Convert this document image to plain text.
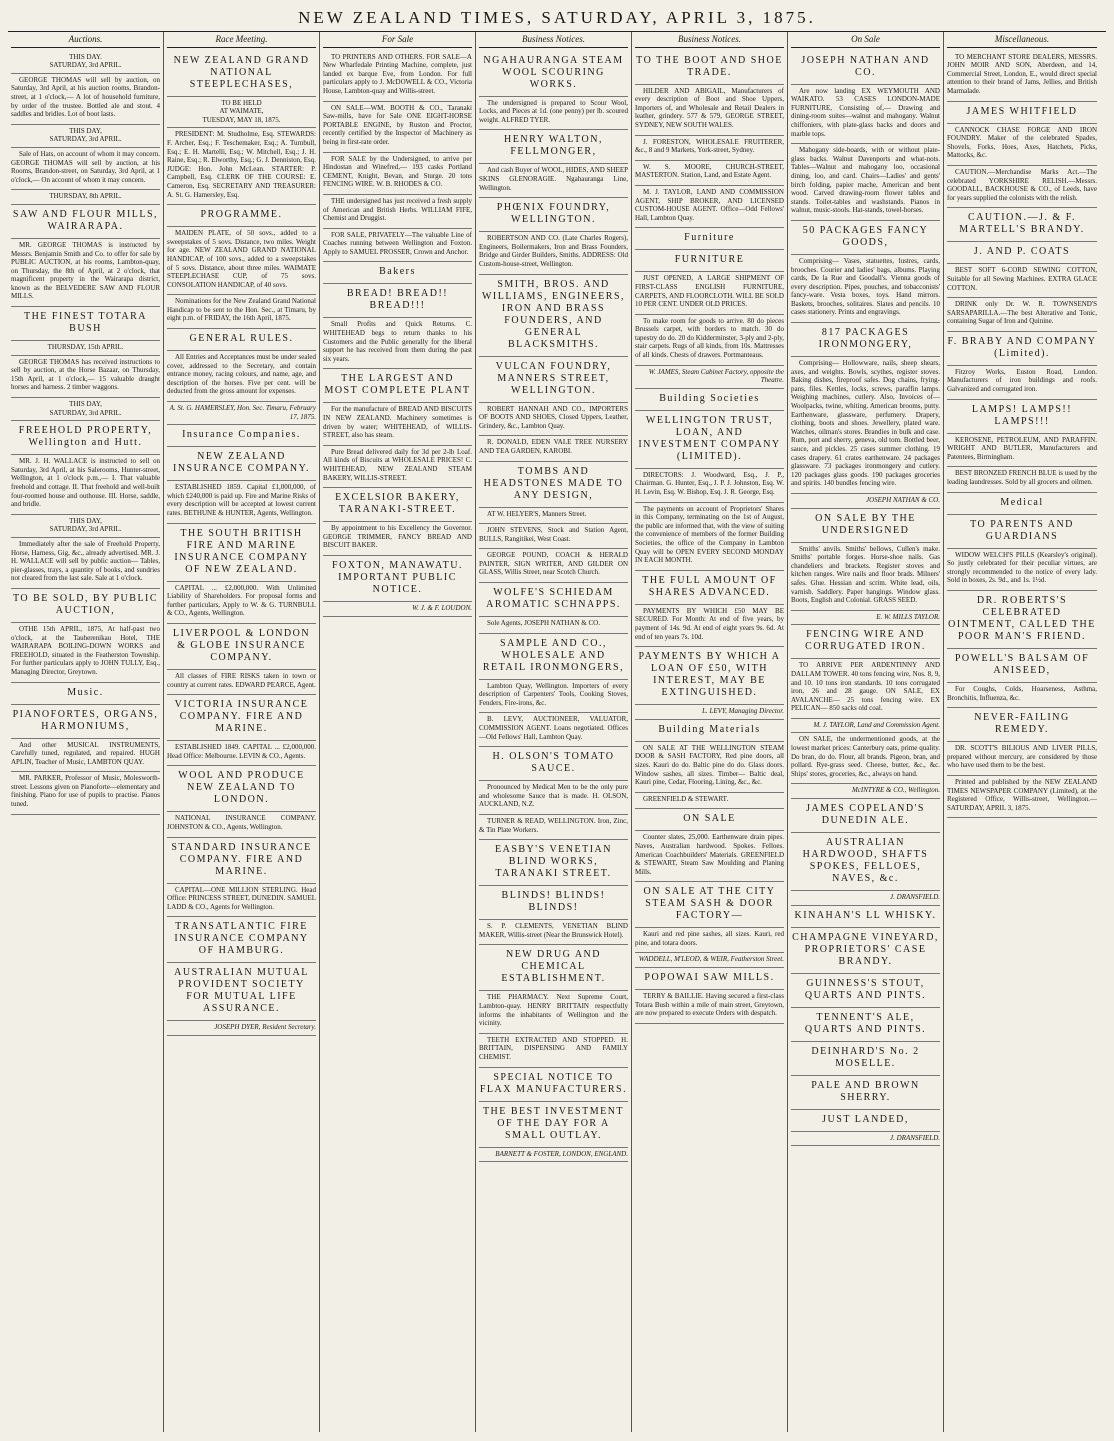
NEW ZEALAND TIMES, SATURDAY, APRIL 3, 1875.
Auctions.
THIS DAY.
SATURDAY, 3rd APRIL.

GEORGE THOMAS will sell by auction, on Saturday, 3rd April, at his auction rooms, Brandon-street, at 1 o'clock,— A lot of household furniture, by order of the trustee. Bottled ale and stout. 4 saddles and bridles. Lot of boot lasts.

THIS DAY,
SATURDAY, 3rd APRIL.

Sale of Hats, on account of whom it may concern. GEORGE THOMAS will sell by auction, at his Rooms, Brandon-street, on Saturday, 3rd April, at 1 o'clock,— On account of whom it may concern.

THURSDAY, 8th APRIL.
SAW AND FLOUR MILLS, WAIRARAPA.

MR. GEORGE THOMAS is instructed by Messrs. Benjamin Smith and Co. to offer for sale by PUBLIC AUCTION, at his rooms, Lambton-quay, on Thursday, the 8th of April, at 2 o'clock, that magnificent property in the Wairarapa district, known as the BELVEDERE SAW AND FLOUR MILLS.

THE FINEST TOTARA BUSH
THURSDAY, 15th APRIL.

GEORGE THOMAS has received instructions to sell by auction, at the Horse Bazaar, on Thursday, 15th April, at 1 o'clock,— 15 valuable draught horses and harness. 2 timber waggons.

THIS DAY,
SATURDAY, 3rd APRIL.
FREEHOLD PROPERTY, Wellington and Hutt.

MR. J. H. WALLACE is instructed to sell on Saturday, 3rd April, at his Salerooms, Hunter-street, Wellington, at 1 o'clock p.m.,— I. That valuable freehold and cottage. II. That freehold and well-built four-roomed house and outhouse. III. Horse, saddle, and bridle.

THIS DAY,
SATURDAY, 3rd APRIL.

Immediately after the sale of Freehold Property, Horse, Harness, Gig, &c., already advertised. MR. J. H. WALLACE will sell by public auction— Tables, pier-glasses, trays, a quantity of books, and sundries not cleared from the last sale. Sale at 1 o'clock.

TO BE SOLD, BY PUBLIC AUCTION,

OTHE 15th APRIL, 1875, At half-past two o'clock, at the Tauherenikau Hotel, THE WAIRARAPA BOILING-DOWN WORKS and FREEHOLD, situated in the Featherston Township. For further particulars apply to JOHN TULLY, Esq., Managing Director, Greytown.

Music.
PIANOFORTES, ORGANS, HARMONIUMS,

And other MUSICAL INSTRUMENTS, Carefully tuned, regulated, and repaired. HUGH APLIN, Teacher of Music, LAMBTON QUAY.

MR. PARKER, Professor of Music, Molesworth-street. Lessons given on Pianoforte—elementary and finishing. Piano for use of pupils to practise. Pianos tuned.

Race Meeting.
NEW ZEALAND GRAND NATIONAL STEEPLECHASES,
TO BE HELD
AT WAIMATE,
TUESDAY, MAY 18, 1875.

PRESIDENT: M. Studholme, Esq. STEWARDS: F. Archer, Esq.; F. Teschemaker, Esq.; A. Turnbull, Esq.; E. H. Martelli, Esq.; W. Mitchell, Esq.; J. H. Raine, Esq.; R. Elworthy, Esq.; G. J. Denniston, Esq. JUDGE: Hon. John McLean. STARTER: P. Campbell, Esq. CLERK OF THE COURSE: E. Cameron, Esq. SECRETARY AND TREASURER: A. St. G. Hamersley, Esq.

PROGRAMME.

MAIDEN PLATE, of 50 sovs., added to a sweepstakes of 5 sovs. Distance, two miles. Weight for age. NEW ZEALAND GRAND NATIONAL HANDICAP, of 100 sovs., added to a sweepstakes of 5 sovs. Distance, about three miles. WAIMATE STEEPLECHASE CUP, of 75 sovs. CONSOLATION HANDICAP, of 40 sovs.

Nominations for the New Zealand Grand National Handicap to be sent to the Hon. Sec., at Timaru, by eight p.m. of FRIDAY, the 16th April, 1875.

GENERAL RULES.

All Entries and Acceptances must be under sealed cover, addressed to the Secretary, and contain entrance money, racing colours, and name, age, and description of the horses. Five per cent. will be deducted from the gross amount for expenses.

A. St. G. HAMERSLEY, Hon. Sec. Timaru, February 17, 1875.
Insurance Companies.
NEW ZEALAND INSURANCE COMPANY.

ESTABLISHED 1859. Capital £1,000,000, of which £240,000 is paid up. Fire and Marine Risks of every description will be accepted at lowest current rates. BETHUNE & HUNTER, Agents, Wellington.

THE SOUTH BRITISH FIRE AND MARINE INSURANCE COMPANY OF NEW ZEALAND.

CAPITAL ... £2,000,000. With Unlimited Liability of Shareholders. For proposal forms and further particulars, Apply to W. & G. TURNBULL & CO., Agents, Wellington.

LIVERPOOL & LONDON & GLOBE INSURANCE COMPANY.

All classes of FIRE RISKS taken in town or country at current rates. EDWARD PEARCE, Agent.

VICTORIA INSURANCE COMPANY. FIRE AND MARINE.

ESTABLISHED 1849. CAPITAL ... £2,000,000. Head Office: Melbourne. LEVIN & CO., Agents.

WOOL AND PRODUCE NEW ZEALAND TO LONDON.

NATIONAL INSURANCE COMPANY. JOHNSTON & CO., Agents, Wellington.

STANDARD INSURANCE COMPANY. FIRE AND MARINE.

CAPITAL—ONE MILLION STERLING. Head Office: PRINCESS STREET, DUNEDIN. SAMUEL LADD & CO., Agents for Wellington.

TRANSATLANTIC FIRE INSURANCE COMPANY OF HAMBURG.
AUSTRALIAN MUTUAL PROVIDENT SOCIETY FOR MUTUAL LIFE ASSURANCE.
JOSEPH DYER, Resident Secretary.
For Sale

TO PRINTERS AND OTHERS. FOR SALE—A New Wharfedale Printing Machine, complete, just landed ex barque Eve, from London. For full particulars apply to J. McDOWELL & CO., Victoria House, Lambton-quay and Willis-street.

ON SALE—WM. BOOTH & CO., Taranaki Saw-mills, have for Sale ONE EIGHT-HORSE PORTABLE ENGINE, by Ruston and Proctor, recently certified by the Inspector of Machinery as being in first-rate order.

FOR SALE by the Undersigned, to arrive per Hindostan and Winefred,— 193 casks Portland CEMENT, Knight, Bevan, and Sturge. 20 tons FENCING WIRE. W. B. RHODES & CO.

THE undersigned has just received a fresh supply of American and British Herbs. WILLIAM FIFE, Chemist and Druggist.

FOR SALE, PRIVATELY—The valuable Line of Coaches running between Wellington and Foxton. Apply to SAMUEL PROSSER, Crown and Anchor.

Bakers
BREAD! BREAD!! BREAD!!!

Small Profits and Quick Returns. C. WHITEHEAD begs to return thanks to his Customers and the Public generally for the liberal support he has received from them during the past six years.

THE LARGEST AND MOST COMPLETE PLANT

For the manufacture of BREAD AND BISCUITS IN NEW ZEALAND. Machinery sometimes is driven by water; WHITEHEAD, of WILLIS-STREET, also has steam.

Pure Bread delivered daily for 3d per 2-lb Loaf. All kinds of Biscuits at WHOLESALE PRICES! C. WHITEHEAD, NEW ZEALAND STEAM BAKERY, WILLIS-STREET.

EXCELSIOR BAKERY, TARANAKI-STREET.

By appointment to his Excellency the Governor. GEORGE TRIMMER, FANCY BREAD AND BISCUIT BAKER.

FOXTON, MANAWATU. IMPORTANT PUBLIC NOTICE.
W. J. & F. LOUDON.
Business Notices.
NGAHAURANGA STEAM WOOL SCOURING WORKS.

The undersigned is prepared to Scour Wool, Locks, and Pieces at 1d. (one penny) per lb. scoured weight. ALFRED TYER.

HENRY WALTON, FELLMONGER,

And cash Buyer of WOOL, HIDES, AND SHEEP SKINS GLENORAGIE. Ngahauranga Line, Wellington.

PHŒNIX FOUNDRY, WELLINGTON.

ROBERTSON AND CO. (Late Charles Rogers), Engineers, Boilermakers, Iron and Brass Founders, Bridge and Girder Builders, Smiths. ADDRESS: Old Custom-house-street, Wellington.

SMITH, BROS. AND WILLIAMS, ENGINEERS, IRON AND BRASS FOUNDERS, AND GENERAL BLACKSMITHS.
VULCAN FOUNDRY, MANNERS STREET, WELLINGTON.

ROBERT HANNAH AND CO., IMPORTERS OF BOOTS AND SHOES, Closed Uppers, Leather, Grindery, &c., Lambton Quay.

R. DONALD, EDEN VALE TREE NURSERY AND TEA GARDEN, KAROBI.

TOMBS AND HEADSTONES MADE TO ANY DESIGN,

AT W. HELYER'S, Manners Street.

JOHN STEVENS, Stock and Station Agent, BULLS, Rangitikei, West Coast.

GEORGE POUND, COACH & HERALD PAINTER, SIGN WRITER, AND GILDER ON GLASS, Willis Street, near Scotch Church.

WOLFE'S SCHIEDAM AROMATIC SCHNAPPS.

Sole Agents, JOSEPH NATHAN & CO.

SAMPLE AND CO., WHOLESALE AND RETAIL IRONMONGERS,

Lambton Quay, Wellington. Importers of every description of Carpenters' Tools, Cooking Stoves, Fenders, Fire-irons, &c.

B. LEVY, AUCTIONEER, VALUATOR, COMMISSION AGENT. Loans negotiated. Offices—Old Fellows' Hall, Lambton Quay.

H. OLSON'S TOMATO SAUCE.

Pronounced by Medical Men to be the only pure and wholesome Sauce that is made. H. OLSON, AUCKLAND, N.Z.

TURNER & READ, WELLINGTON. Iron, Zinc, & Tin Plate Workers.

EASBY'S VENETIAN BLIND WORKS, TARANAKI STREET.
BLINDS! BLINDS! BLINDS!

S. P. CLEMENTS, VENETIAN BLIND MAKER, Willis-street (Near the Brunswick Hotel).

NEW DRUG AND CHEMICAL ESTABLISHMENT.

THE PHARMACY. Next Supreme Court, Lambton-quay. HENRY BRITTAIN respectfully informs the inhabitants of Wellington and the vicinity.

TEETH EXTRACTED AND STOPPED. H. BRITTAIN, DISPENSING AND FAMILY CHEMIST.

SPECIAL NOTICE TO FLAX MANUFACTURERS.
THE BEST INVESTMENT OF THE DAY FOR A SMALL OUTLAY.
BARNETT & FOSTER, LONDON, ENGLAND.
Business Notices.
TO THE BOOT AND SHOE TRADE.

HILDER AND ABIGAIL, Manufacturers of every description of Boot and Shoe Uppers, Importers of, and Wholesale and Retail Dealers in leather, grindery. 577 & 579, GEORGE STREET, SYDNEY, NEW SOUTH WALES.

J. FORESTON, WHOLESALE FRUITERER, &c., 8 and 9 Markets, York-street, Sydney.

W. S. MOORE, CHURCH-STREET, MASTERTON. Station, Land, and Estate Agent.

M. J. TAYLOR, LAND AND COMMISSION AGENT, SHIP BROKER, AND LICENSED CUSTOM-HOUSE AGENT. Office—Odd Fellows' Hall, Lambton Quay.

Furniture
FURNITURE

JUST OPENED, A LARGE SHIPMENT OF FIRST-CLASS ENGLISH FURNITURE, CARPETS, AND FLOORCLOTH. WILL BE SOLD 10 PER CENT. UNDER OLD PRICES.

To make room for goods to arrive. 80 do pieces Brussels carpet, with borders to match. 30 do tapestry do do. 20 do Kidderminster, 3-ply and 2-ply, stair carpets. Rugs of all kinds, from 10s. Mattresses of all kinds. Chests of drawers. Portmanteaus.

W. JAMES, Steam Cabinet Factory, opposite the Theatre.
Building Societies
WELLINGTON TRUST, LOAN, AND INVESTMENT COMPANY (LIMITED).

DIRECTORS: J. Woodward, Esq., J. P., Chairman. G. Hunter, Esq., J. P. J. Johnston, Esq. W. H. Levin, Esq. W. Bishop, Esq. J. R. George, Esq.

The payments on account of Proprietors' Shares in this Company, terminating on the 1st of August, the public are informed that, with the view of suiting the convenience of members of the former Building Societies, the office of the Company in Lambton Quay will be OPEN EVERY SECOND MONDAY IN EACH MONTH.

THE FULL AMOUNT OF SHARES ADVANCED.

PAYMENTS BY WHICH £50 MAY BE SECURED. For Month: At end of five years, by payment of 14s. 9d. At end of eight years 9s. 6d. At end of ten years 7s. 10d.

PAYMENTS BY WHICH A LOAN OF £50, WITH INTEREST, MAY BE EXTINGUISHED.
L. LEVY, Managing Director.
Building Materials

ON SALE AT THE WELLINGTON STEAM DOOR & SASH FACTORY, Red pine doors, all sizes. Kauri do do. Baltic pine do do. Glass doors. Window sashes, all sizes. Timber— Baltic deal, Kauri pine, Cedar, Flooring, Lining, &c., &c.

GREENFIELD & STEWART.

ON SALE

Counter slates, 25,000. Earthenware drain pipes. Naves, Australian hardwood. Spokes. Felloes. American Coachbuilders' Materials. GREENFIELD & STEWART, Steam Saw Moulding and Planing Mills.

ON SALE AT THE CITY STEAM SASH & DOOR FACTORY—

Kauri and red pine sashes, all sizes. Kauri, red pine, and totara doors.

WADDELL, M'LEOD, & WEIR, Featherston Street.
POPOWAI SAW MILLS.

TERRY & BAILLIE. Having secured a first-class Totara Bush within a mile of main street, Greytown, are now prepared to execute Orders with despatch.

On Sale
JOSEPH NATHAN AND CO.

Are now landing EX WEYMOUTH AND WAIKATO. 53 CASES LONDON-MADE FURNITURE, Consisting of,— Drawing and dining-room suites—walnut and mahogany. Walnut chiffoniers, with plate-glass backs and doors and marble tops.

Mahogany side-boards, with or without plate-glass backs. Walnut Davenports and what-nots. Tables—Walnut and mahogany loo, occasional dining, loo, and card. Chairs—Ladies' and gents' birch folding, papier mache, American and bent wood. Carved drawing-room flower tables and stands. Toilet-tables and washstands. Pianos in walnut, music-stools. Hat-stands, towel-horses.

50 PACKAGES FANCY GOODS,

Comprising— Vases, statuettes, lustres, cards, brooches. Courier and ladies' bags, albums. Playing cards, De la Rue and Goodall's. Vienna goods of every description. Pipes, pouches, and tobacconists' fancy-ware. Vesta boxes, toys. Hand mirrors. Baskets, brooches, solitaires. Slates and pencils. 10 cases stationery. Prints and engravings.

817 PACKAGES IRONMONGERY,

Comprising— Hollowware, nails, sheep shears, axes, and weights. Bowls, scythes, register stoves. Baking dishes, fireproof safes. Dog chains, frying-pans, files. Kettles, locks, screws, paraffin lamps. Weighing machines, cutlery. Also, Invoices of— Woolpacks, twine, whiting. American brooms, putty. Earthenware, glassware, perfumery. Drapery, clothing, boots and shoes. Jewellery, plated ware. Watches, oilman's stores. Brandies in bulk and case. Rum, port and sherry, geneva, old tom. Bottled beer, sauce, and pickles. 25 cases summer clothing. 19 cases drapery. 61 crates earthenware. 24 packages glassware. 73 packages ironmongery and cutlery. 120 packages glass goods. 190 packages groceries and spirits. 140 bundles fencing wire.

JOSEPH NATHAN & CO.
ON SALE BY THE UNDERSIGNED

Smiths' anvils. Smiths' bellows, Cullen's make. Smiths' portable forges. Horse-shoe nails. Gas chandeliers and brackets. Register stoves and kitchen ranges. Wire nails and floor brads. Milners' safes. Glue. Hessian and scrim. White lead, oils, varnish. Saddlery. Paper hangings. Window glass. Boots, English and Colonial. GRASS SEED.

E. W. MILLS TAYLOR.
FENCING WIRE AND CORRUGATED IRON.

TO ARRIVE PER ARDENTINNY AND DALLAM TOWER. 40 tons fencing wire, Nos. 8, 9, and 10. 10 tons iron standards. 10 tons corrugated iron, 26 and 28 gauge. ON SALE, EX AVALANCHE— 25 tons fencing wire. EX PELICAN— 850 sacks old coal.

M. J. TAYLOR, Land and Commission Agent.

ON SALE, the undermentioned goods, at the lowest market prices: Canterbury oats, prime quality. Do bran, do do. Flour, all brands. Pigeon, bran, and pollard. Rye-grass seed. Cheese, butter, &c., &c. Ships' stores, groceries, &c., always on hand.

McINTYRE & CO., Wellington.
JAMES COPELAND'S DUNEDIN ALE.
AUSTRALIAN HARDWOOD, SHAFTS SPOKES, FELLOES, NAVES, &c.
J. DRANSFIELD.
KINAHAN'S LL WHISKY.
CHAMPAGNE VINEYARD, PROPRIETORS' CASE BRANDY.
GUINNESS'S STOUT, QUARTS AND PINTS.
TENNENT'S ALE, QUARTS AND PINTS.
DEINHARD'S No. 2 MOSELLE.
PALE AND BROWN SHERRY.
JUST LANDED,
J. DRANSFIELD.
Miscellaneous.

TO MERCHANT STORE DEALERS, MESSRS. JOHN MOIR AND SON, Aberdeen, and 14, Commercial Street, London, E., would direct special attention to their brand of Jams, Jellies, and British Marmalade.

JAMES WHITFIELD

CANNOCK CHASE FORGE AND IRON FOUNDRY. Maker of the celebrated Spades, Shovels, Forks, Hoes, Axes, Hatchets, Picks, Mattocks, &c.

CAUTION.—Merchandise Marks Act.—The celebrated YORKSHIRE RELISH.—Messrs. GOODALL, BACKHOUSE & CO., of Leeds, have for years supplied the colonists with the relish.

CAUTION.—J. & F. MARTELL'S BRANDY.
J. AND P. COATS

BEST SOFT 6-CORD SEWING COTTON, Suitable for all Sewing Machines. EXTRA GLACE COTTON.

DRINK only Dr. W. R. TOWNSEND'S SARSAPARILLA.—The best Alterative and Tonic, containing Sugar of Iron and Quinine.

F. BRABY AND COMPANY (Limited).

Fitzroy Works, Euston Road, London. Manufacturers of iron buildings and roofs. Galvanized and corrugated iron.

LAMPS! LAMPS!! LAMPS!!!

KEROSENE, PETROLEUM, AND PARAFFIN. WRIGHT AND BUTLER, Manufacturers and Patentees, Birmingham.

BEST BRONZED FRENCH BLUE is used by the leading laundresses. Sold by all grocers and oilmen.

Medical
TO PARENTS AND GUARDIANS

WIDOW WELCH'S PILLS (Kearsley's original). So justly celebrated for their peculiar virtues, are strongly recommended to the notice of every lady. Sold in boxes, 2s. 9d., and 1s. 1½d.

DR. ROBERTS'S CELEBRATED OINTMENT, CALLED THE POOR MAN'S FRIEND.
POWELL'S BALSAM OF ANISEED,

For Coughs, Colds, Hoarseness, Asthma, Bronchitis, Influenza, &c.

NEVER-FAILING REMEDY.

DR. SCOTT'S BILIOUS AND LIVER PILLS, prepared without mercury, are considered by those who have used them to be the best.

Printed and published by the NEW ZEALAND TIMES NEWSPAPER COMPANY (Limited), at the Registered Office, Willis-street, Wellington.—SATURDAY, APRIL 3, 1875.
